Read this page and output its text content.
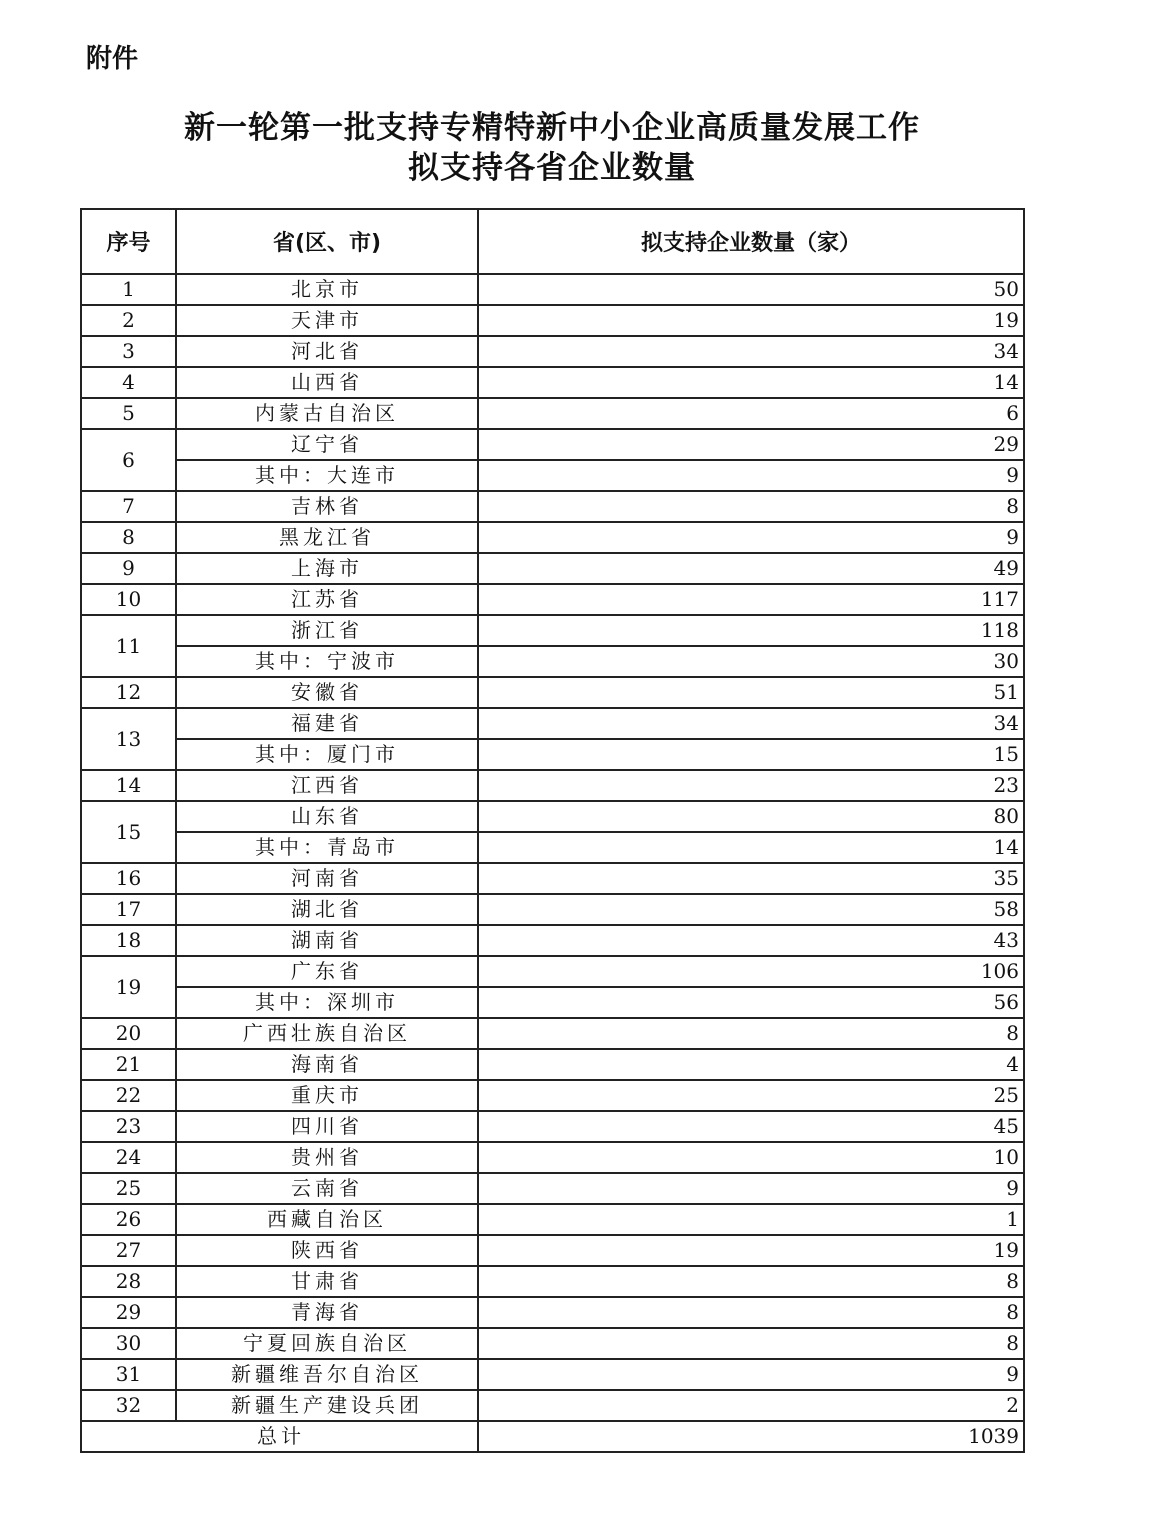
附件
新一轮第一批支持专精特新中小企业高质量发展工作
拟支持各省企业数量
序号	省(区、市)	拟支持企业数量（家）
1	北京市	50
2	天津市	19
3	河北省	34
4	山西省	14
5	内蒙古自治区	6
6	辽宁省	29
	其中：大连市	9
7	吉林省	8
8	黑龙江省	9
9	上海市	49
10	江苏省	117
11	浙江省	118
	其中：宁波市	30
12	安徽省	51
13	福建省	34
	其中：厦门市	15
14	江西省	23
15	山东省	80
	其中：青岛市	14
16	河南省	35
17	湖北省	58
18	湖南省	43
19	广东省	106
	其中：深圳市	56
20	广西壮族自治区	8
21	海南省	4
22	重庆市	25
23	四川省	45
24	贵州省	10
25	云南省	9
26	西藏自治区	1
27	陕西省	19
28	甘肃省	8
29	青海省	8
30	宁夏回族自治区	8
31	新疆维吾尔自治区	9
32	新疆生产建设兵团	2
总计		1039
